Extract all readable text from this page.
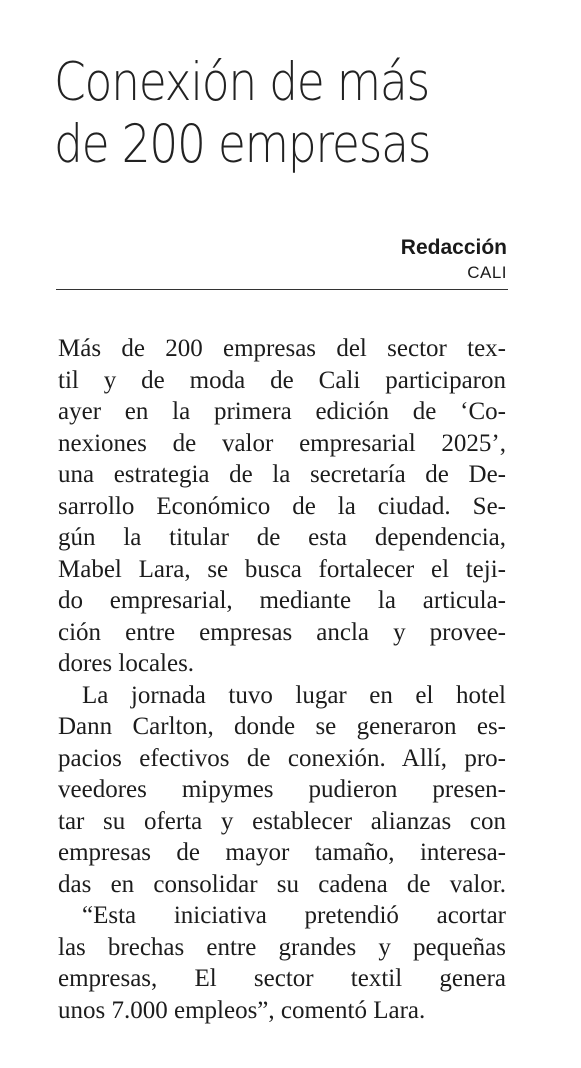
Conexión de más
de 200 empresas
Redacción
CALI

Más de 200 empresas del sector tex-
til y de moda de Cali participaron
ayer en la primera edición de ‘Co-
nexiones de valor empresarial 2025’,
una estrategia de la secretaría de De-
sarrollo Económico de la ciudad. Se-
gún la titular de esta dependencia,
Mabel Lara, se busca fortalecer el teji-
do empresarial, mediante la articula-
ción entre empresas ancla y provee-
dores locales.

La jornada tuvo lugar en el hotel
Dann Carlton, donde se generaron es-
pacios efectivos de conexión. Allí, pro-
veedores mipymes pudieron presen-
tar su oferta y establecer alianzas con
empresas de mayor tamaño, interesa-
das en consolidar su cadena de valor.

“Esta iniciativa pretendió acortar
las brechas entre grandes y pequeñas
empresas, El sector textil genera
unos 7.000 empleos”, comentó Lara.
